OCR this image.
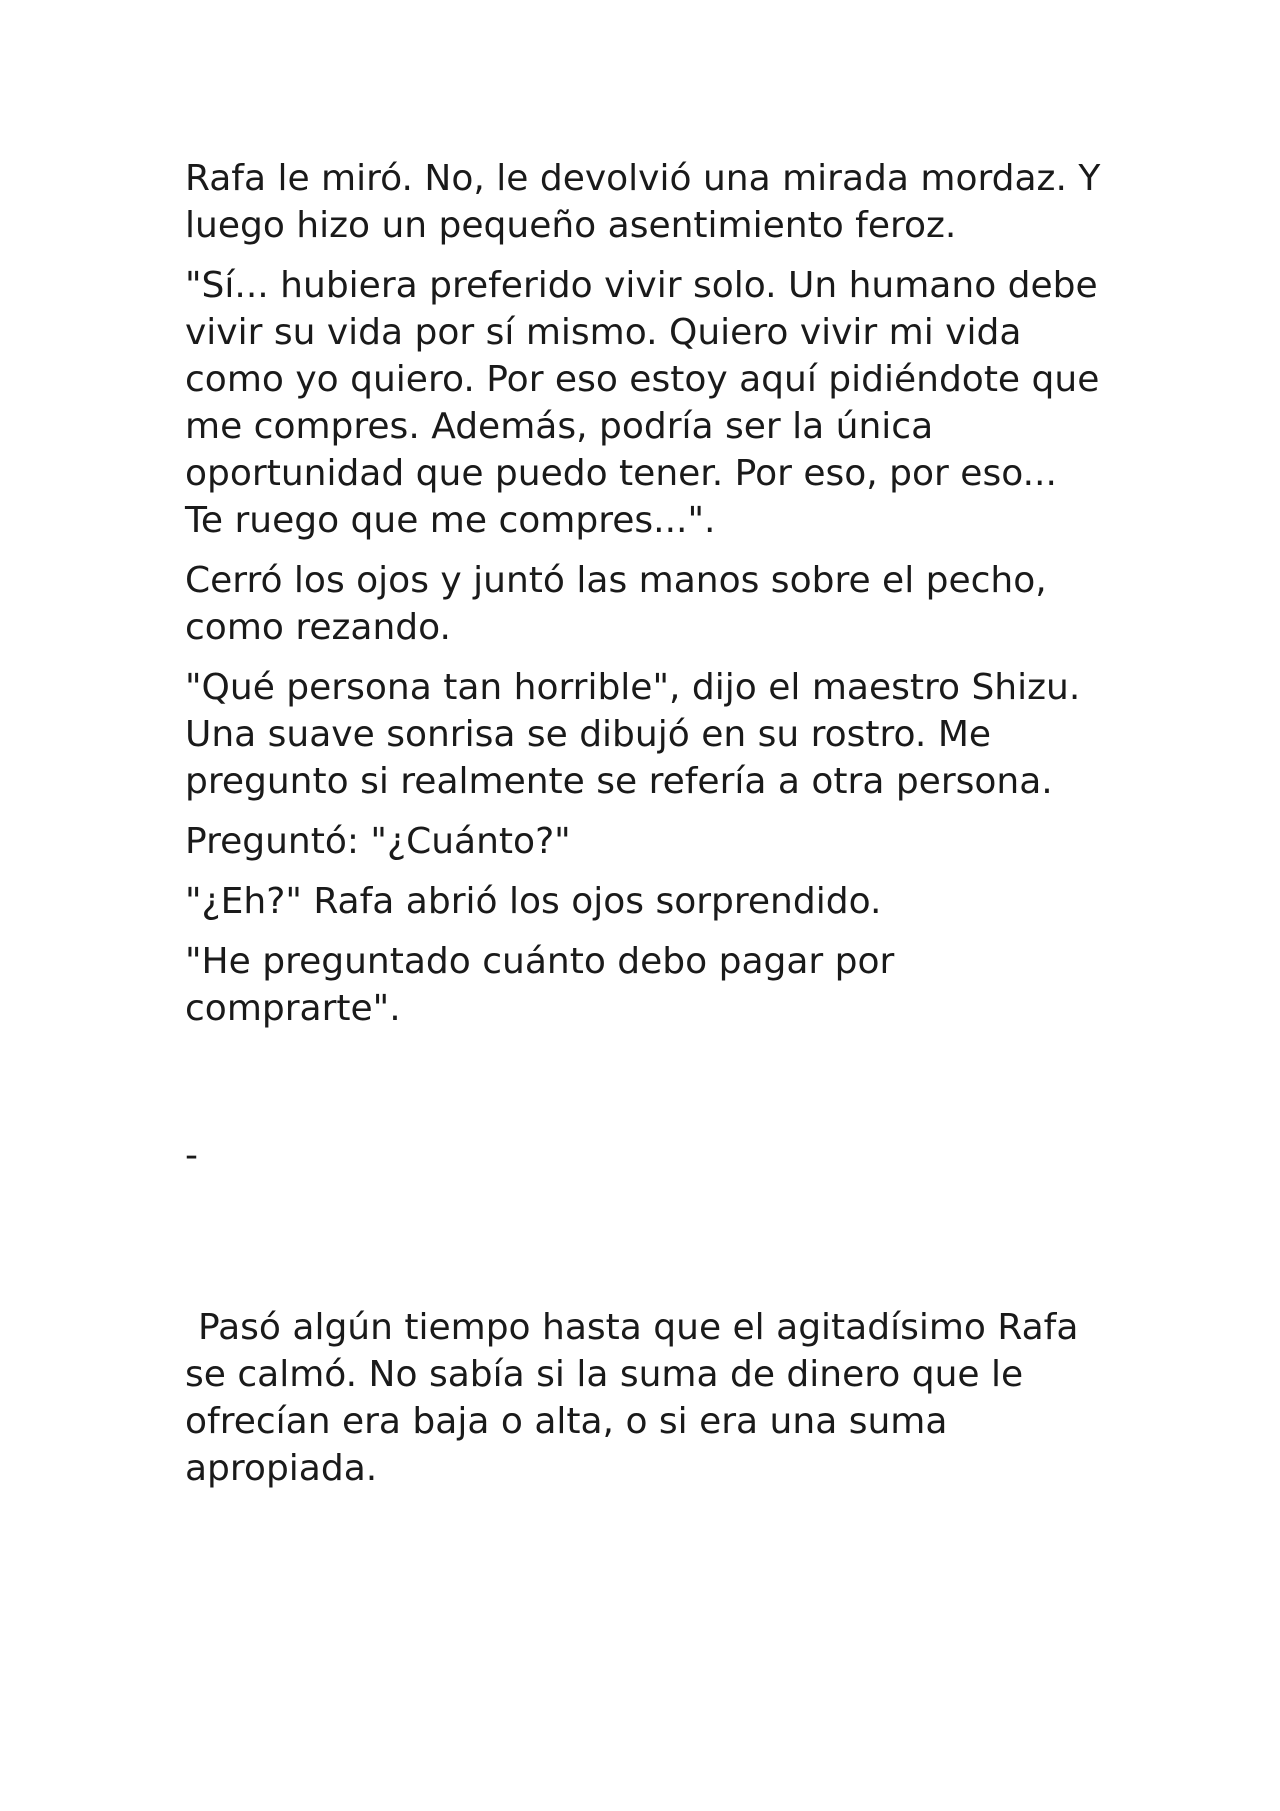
Rafa le miró. No, le devolvió una mirada mordaz. Y luego hizo un pequeño asentimiento feroz.

"Sí... hubiera preferido vivir solo. Un humano debe vivir su vida por sí mismo. Quiero vivir mi vida como yo quiero. Por eso estoy aquí pidiéndote que me compres. Además, podría ser la única oportunidad que puedo tener. Por eso, por eso... Te ruego que me compres...".

Cerró los ojos y juntó las manos sobre el pecho, como rezando.

"Qué persona tan horrible", dijo el maestro Shizu. Una suave sonrisa se dibujó en su rostro. Me pregunto si realmente se refería a otra persona.

Preguntó: "¿Cuánto?"

"¿Eh?" Rafa abrió los ojos sorprendido.

"He preguntado cuánto debo pagar por comprarte".

-

Pasó algún tiempo hasta que el agitadísimo Rafa se calmó. No sabía si la suma de dinero que le ofrecían era baja o alta, o si era una suma apropiada.
